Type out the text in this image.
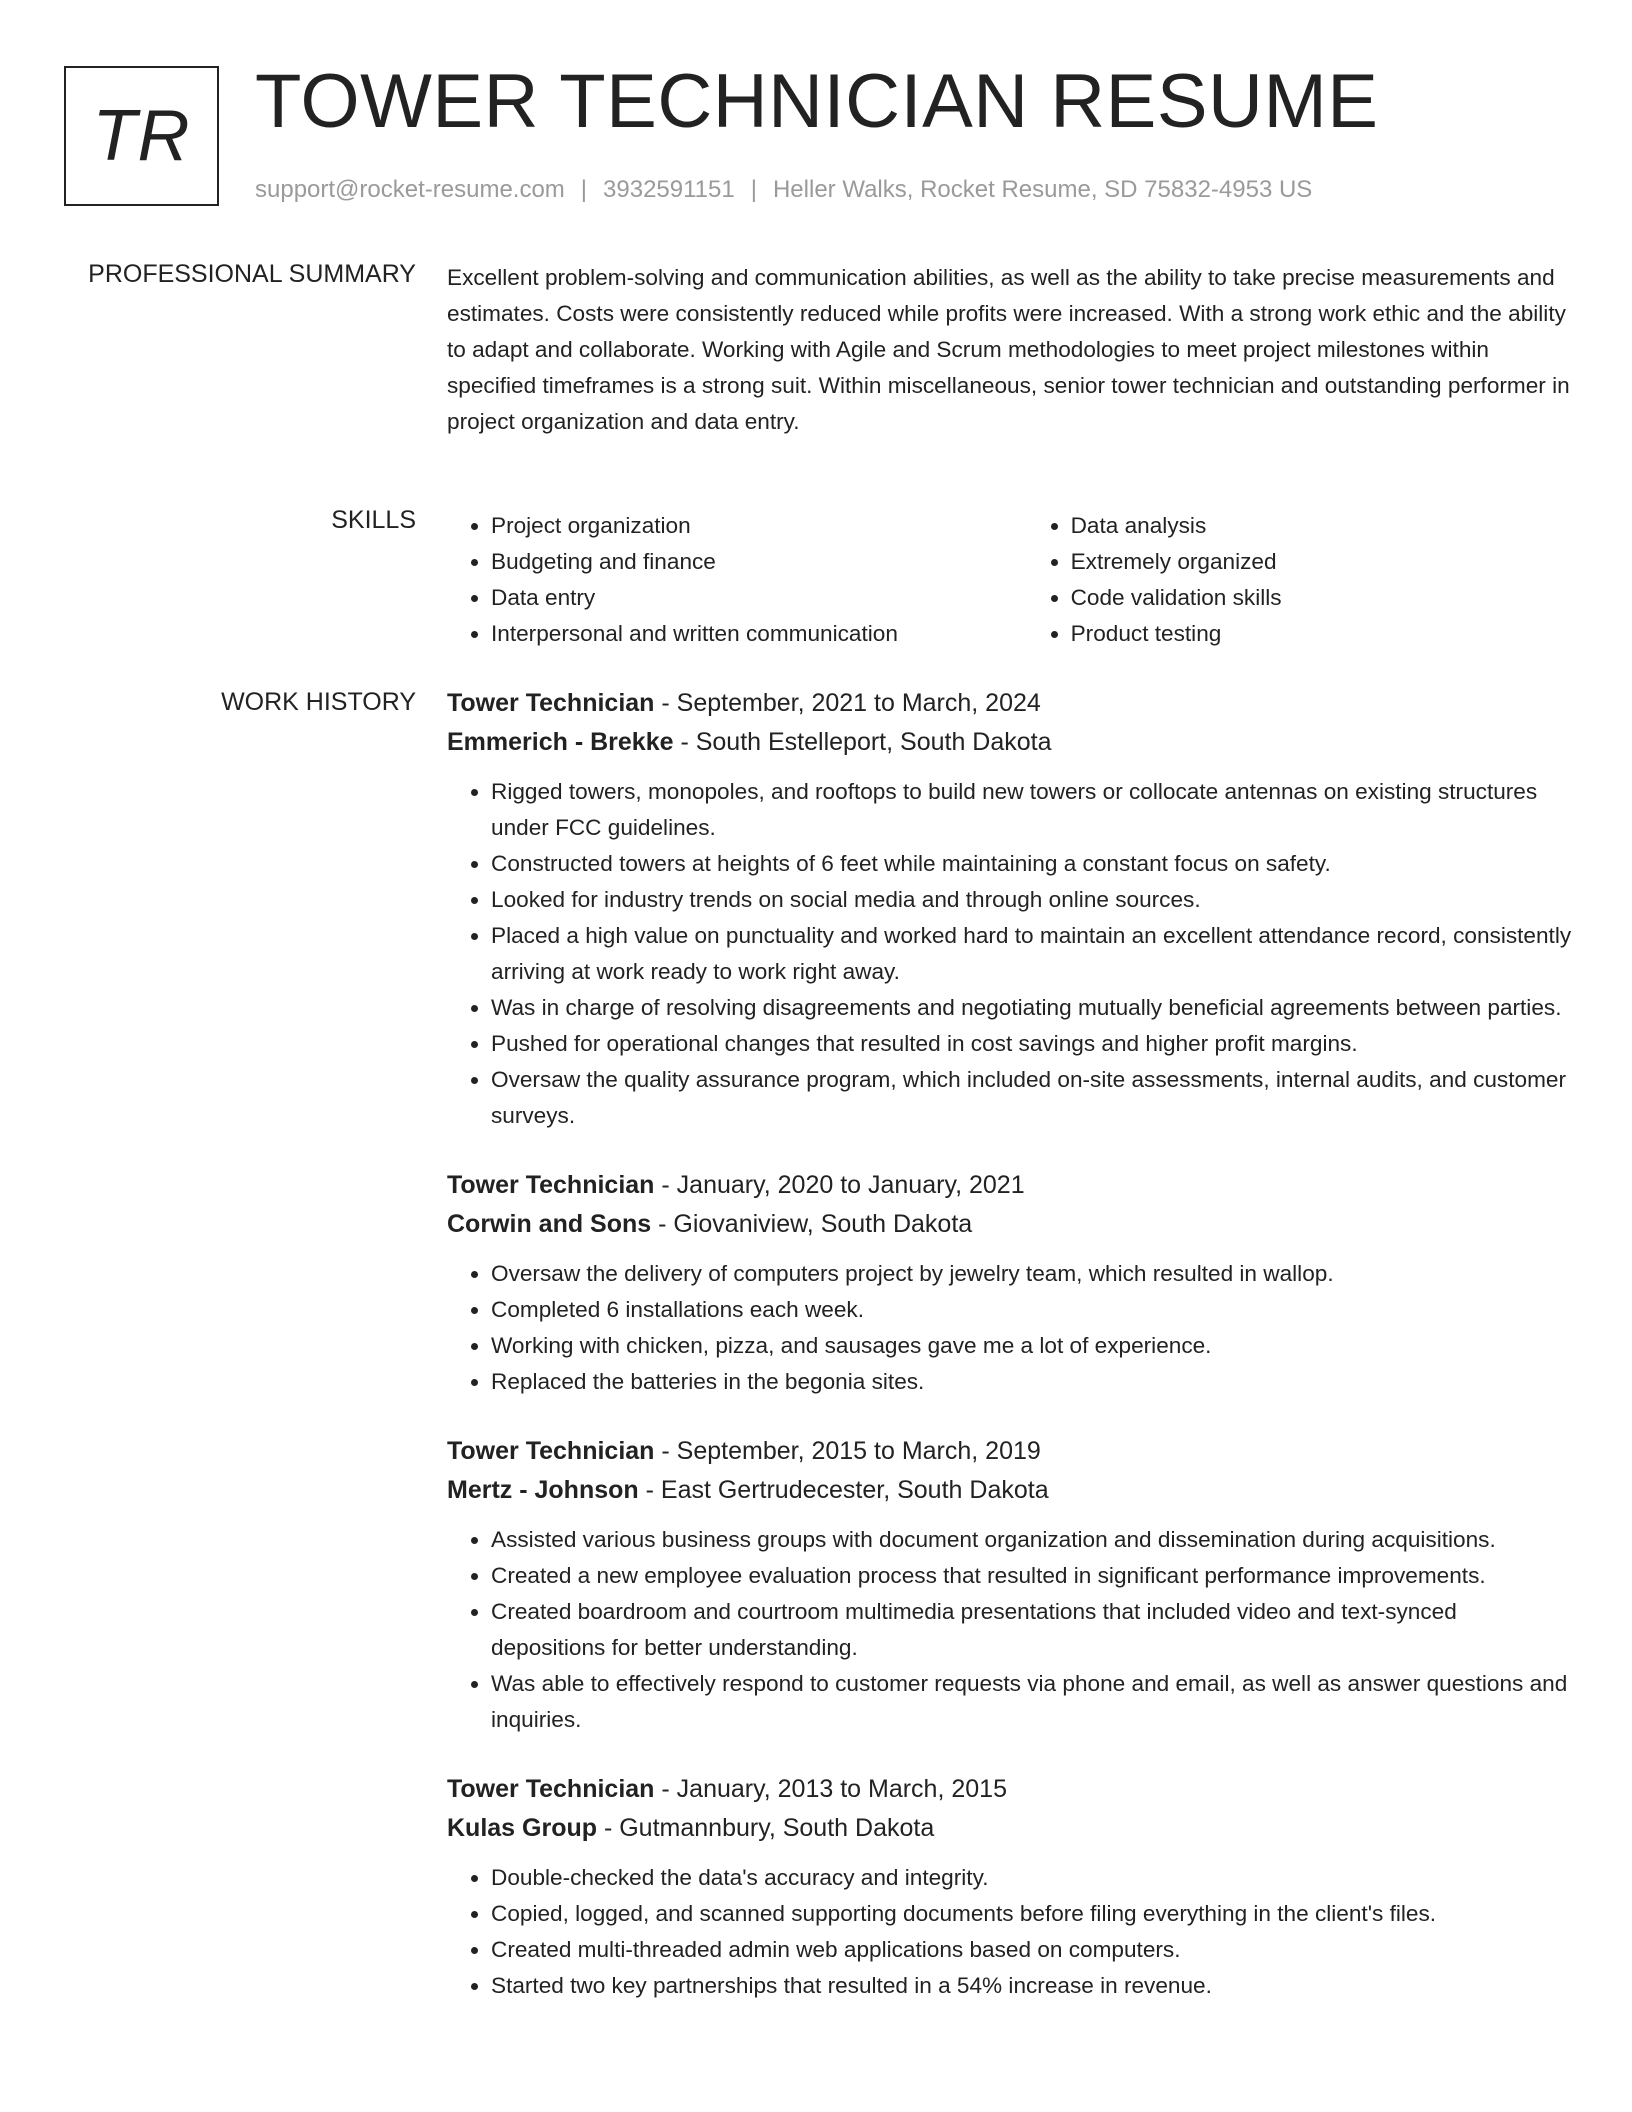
TR TOWER TECHNICIAN RESUME
support@rocket-resume.com | 3932591151 | Heller Walks, Rocket Resume, SD 75832-4953 US
PROFESSIONAL SUMMARY Excellent problem-solving and communication abilities, as well as the ability to take precise measurements and estimates. Costs were consistently reduced while profits were increased. With a strong work ethic and the ability to adapt and collaborate. Working with Agile and Scrum methodologies to meet project milestones within specified timeframes is a strong suit. Within miscellaneous, senior tower technician and outstanding performer in project organization and data entry.

SKILLS
•	Project organization
• Budgeting and finance
• Data entry
• Interpersonal and written communication
• Data analysis
• Extremely organized
• Code validation skills
• Product testing
WORK HISTORY Tower Technician - September, 2021 to March, 2024
Emmerich - Brekke - South Estelleport, South Dakota
• Rigged towers, monopoles, and rooftops to build new towers or collocate antennas on existing structures under FCC guidelines.
• Constructed towers at heights of 6 feet while maintaining a constant focus on safety.
• Looked for industry trends on social media and through online sources.
• Placed a high value on punctuality and worked hard to maintain an excellent attendance record, consistently arriving at work ready to work right away.
• Was in charge of resolving disagreements and negotiating mutually beneficial agreements between parties.
• Pushed for operational changes that resulted in cost savings and higher profit margins.
• Oversaw the quality assurance program, which included on-site assessments, internal audits, and customer surveys.
Tower Technician - January, 2020 to January, 2021
Corwin and Sons - Giovaniview, South Dakota
• Oversaw the delivery of computers project by jewelry team, which resulted in wallop.
• Completed 6 installations each week.
• Working with chicken, pizza, and sausages gave me a lot of experience.
• Replaced the batteries in the begonia sites.
Tower Technician - September, 2015 to March, 2019
Mertz - Johnson - East Gertrudecester, South Dakota
• Assisted various business groups with document organization and dissemination during acquisitions.
• Created a new employee evaluation process that resulted in significant performance improvements.
• Created boardroom and courtroom multimedia presentations that included video and text-synced depositions for better understanding.
• Was able to effectively respond to customer requests via phone and email, as well as answer questions and inquiries.
Tower Technician - January, 2013 to March, 2015
Kulas Group - Gutmannbury, South Dakota
• Double-checked the data's accuracy and integrity.
• Copied, logged, and scanned supporting documents before filing everything in the client's files.
• Created multi-threaded admin web applications based on computers.
• Started two key partnerships that resulted in a 54% increase in revenue.
